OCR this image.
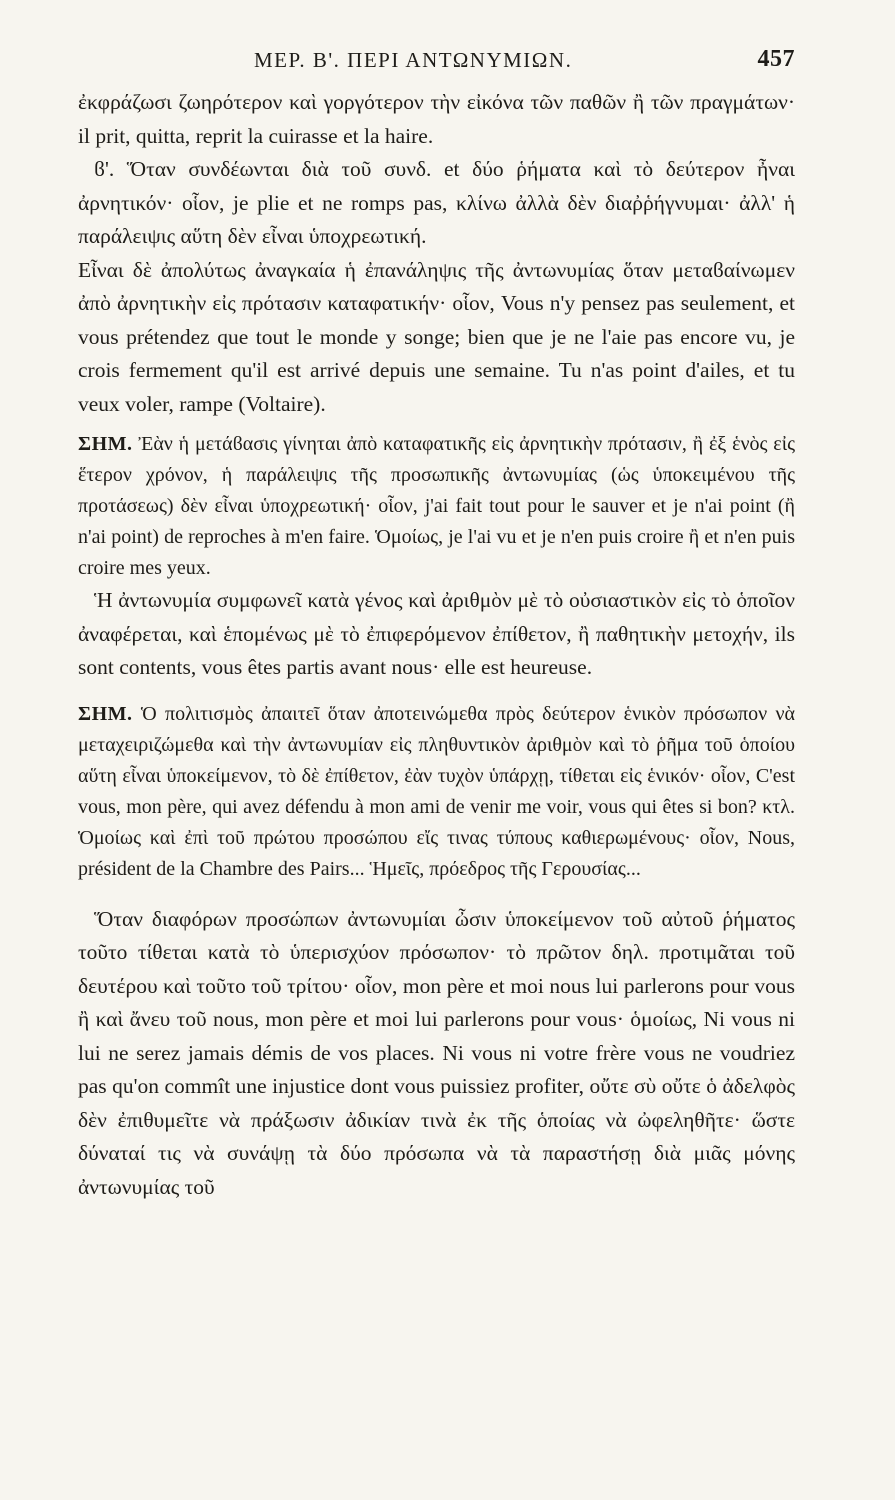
ΜΕΡ. Β'. ΠΕΡΙ ΑΝΤΩΝΥΜΙΩΝ.	457

ἐκφράζωσι ζωηρότερον καὶ γοργότερον τὴν εἰκόνα τῶν παθῶν ἢ τῶν πραγμάτων· il prit, quitta, reprit la cuirasse et la haire.

ϐ'. Ὅταν συνδέωνται διὰ τοῦ συνδ. et δύο ῥήματα καὶ τὸ δεύτερον ἦναι ἀρνητικόν· οἷον, je plie et ne romps pas, κλίνω ἀλλὰ δὲν διαῤῥήγνυμαι· ἀλλ' ἡ παράλειψις αὕτη δὲν εἶναι ὑποχρεωτική.

Εἶναι δὲ ἀπολύτως ἀναγκαία ἡ ἐπανάληψις τῆς ἀντωνυμίας ὅταν μεταϐαίνωμεν ἀπὸ ἀρνητικὴν εἰς πρότασιν καταφατικήν· οἷον, Vous n'y pensez pas seulement, et vous prétendez que tout le monde y songe; bien que je ne l'aie pas encore vu, je crois fermement qu'il est arrivé depuis une semaine. Tu n'as point d'ailes, et tu veux voler, rampe (Voltaire).

ΣΗΜ. Ἐὰν ἡ μετάϐασις γίνηται ἀπὸ καταφατικῆς εἰς ἀρνητικὴν πρότασιν, ἢ ἐξ ἑνὸς εἰς ἕτερον χρόνον, ἡ παράλειψις τῆς προσωπικῆς ἀντωνυμίας (ὡς ὑποκειμένου τῆς προτάσεως) δὲν εἶναι ὑποχρεωτική· οἷον, j'ai fait tout pour le sauver et je n'ai point (ἢ n'ai point) de reproches à m'en faire. Ὁμοίως, je l'ai vu et je n'en puis croire ἢ et n'en puis croire mes yeux.

Ἡ ἀντωνυμία συμφωνεῖ κατὰ γένος καὶ ἀριθμὸν μὲ τὸ οὐσιαστικὸν εἰς τὸ ὁποῖον ἀναφέρεται, καὶ ἑπομένως μὲ τὸ ἐπιφερόμενον ἐπίθετον, ἢ παθητικὴν μετοχήν, ils sont contents, vous êtes partis avant nous· elle est heureuse.

ΣΗΜ. Ὁ πολιτισμὸς ἀπαιτεῖ ὅταν ἀποτεινώμεθα πρὸς δεύτερον ἑνικὸν πρόσωπον νὰ μεταχειριζώμεθα καὶ τὴν ἀντωνυμίαν εἰς πληθυντικὸν ἀριθμὸν καὶ τὸ ῥῆμα τοῦ ὁποίου αὕτη εἶναι ὑποκείμενον, τὸ δὲ ἐπίθετον, ἐὰν τυχὸν ὑπάρχῃ, τίθεται εἰς ἑνικόν· οἷον, C'est vous, mon père, qui avez défendu à mon ami de venir me voir, vous qui êtes si bon? κτλ. Ὁμοίως καὶ ἐπὶ τοῦ πρώτου προσώπου εἴς τινας τύπους καθιερωμένους· οἷον, Nous, président de la Chambre des Pairs... Ἡμεῖς, πρόεδρος τῆς Γερουσίας...

Ὅταν διαφόρων προσώπων ἀντωνυμίαι ὦσιν ὑποκείμενον τοῦ αὐτοῦ ῥήματος τοῦτο τίθεται κατὰ τὸ ὑπερισχύον πρόσωπον· τὸ πρῶτον δηλ. προτιμᾶται τοῦ δευτέρου καὶ τοῦτο τοῦ τρίτου· οἷον, mon père et moi nous lui parlerons pour vous ἢ καὶ ἄνευ τοῦ nous, mon père et moi lui parlerons pour vous· ὁμοίως, Ni vous ni lui ne serez jamais démis de vos places. Ni vous ni votre frère vous ne voudriez pas qu'on commît une injustice dont vous puissiez profiter, οὔτε σὺ οὔτε ὁ ἀδελφὸς δὲν ἐπιθυμεῖτε νὰ πράξωσιν ἀδικίαν τινὰ ἐκ τῆς ὁποίας νὰ ὠφεληθῆτε· ὥστε δύναταί τις νὰ συνάψῃ τὰ δύο πρόσωπα νὰ τὰ παραστήσῃ διὰ μιᾶς μόνης ἀντωνυμίας τοῦ
